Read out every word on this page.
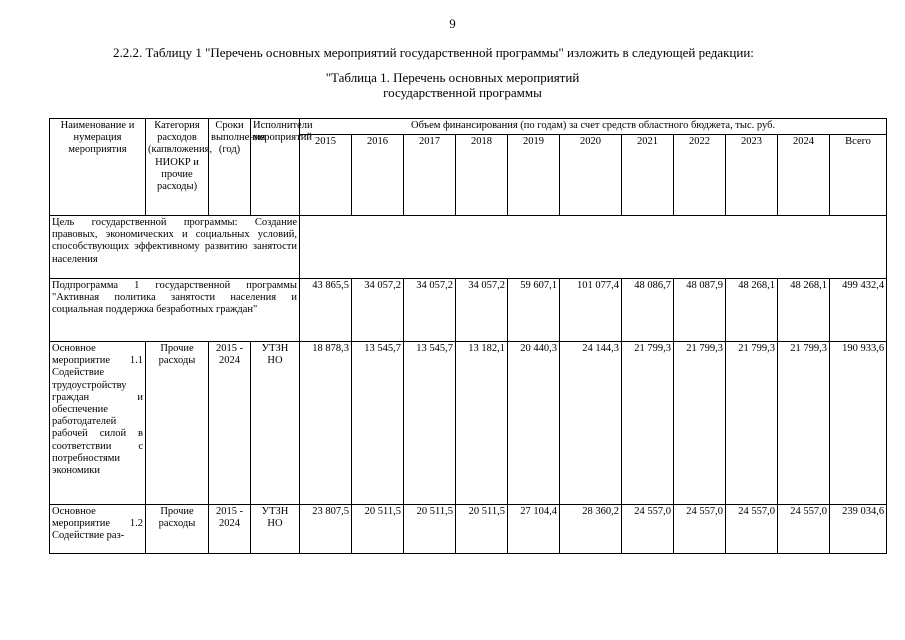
9
2.2.2. Таблицу 1 "Перечень основных мероприятий государственной программы" изложить в следующей редакции:
"Таблица 1. Перечень основных мероприятий
государственной программы
Наименование и нумерация мероприятия	Категория расходов (капвложения, НИОКР и прочие расходы)	Сроки выполнения (год)	Исполнители мероприятий	Объем финансирования (по годам) за счет средств областного бюджета, тыс. руб.										
				2015	2016	2017	2018	2019	2020	2021	2022	2023	2024	Всего
Цель государственной программы: Создание правовых, экономических и социальных условий, способствующих эффективному развитию занятости населения														
Подпрограмма 1 государственной программы "Активная политика занятости населения и социальная поддержка безработных граждан"				43 865,5	34 057,2	34 057,2	34 057,2	59 607,1	101 077,4	48 086,7	48 087,9	48 268,1	48 268,1	499 432,4
Основное мероприятие 1.1 Содействие трудоустройству граждан и обеспечение работодателей рабочей силой в соответствии с потребностями экономики	Прочие расходы	2015 - 2024	УТЗН НО	18 878,3	13 545,7	13 545,7	13 182,1	20 440,3	24 144,3	21 799,3	21 799,3	21 799,3	21 799,3	190 933,6
Основное мероприятие 1.2 Содействие раз-	Прочие расходы	2015 - 2024	УТЗН НО	23 807,5	20 511,5	20 511,5	20 511,5	27 104,4	28 360,2	24 557,0	24 557,0	24 557,0	24 557,0	239 034,6
